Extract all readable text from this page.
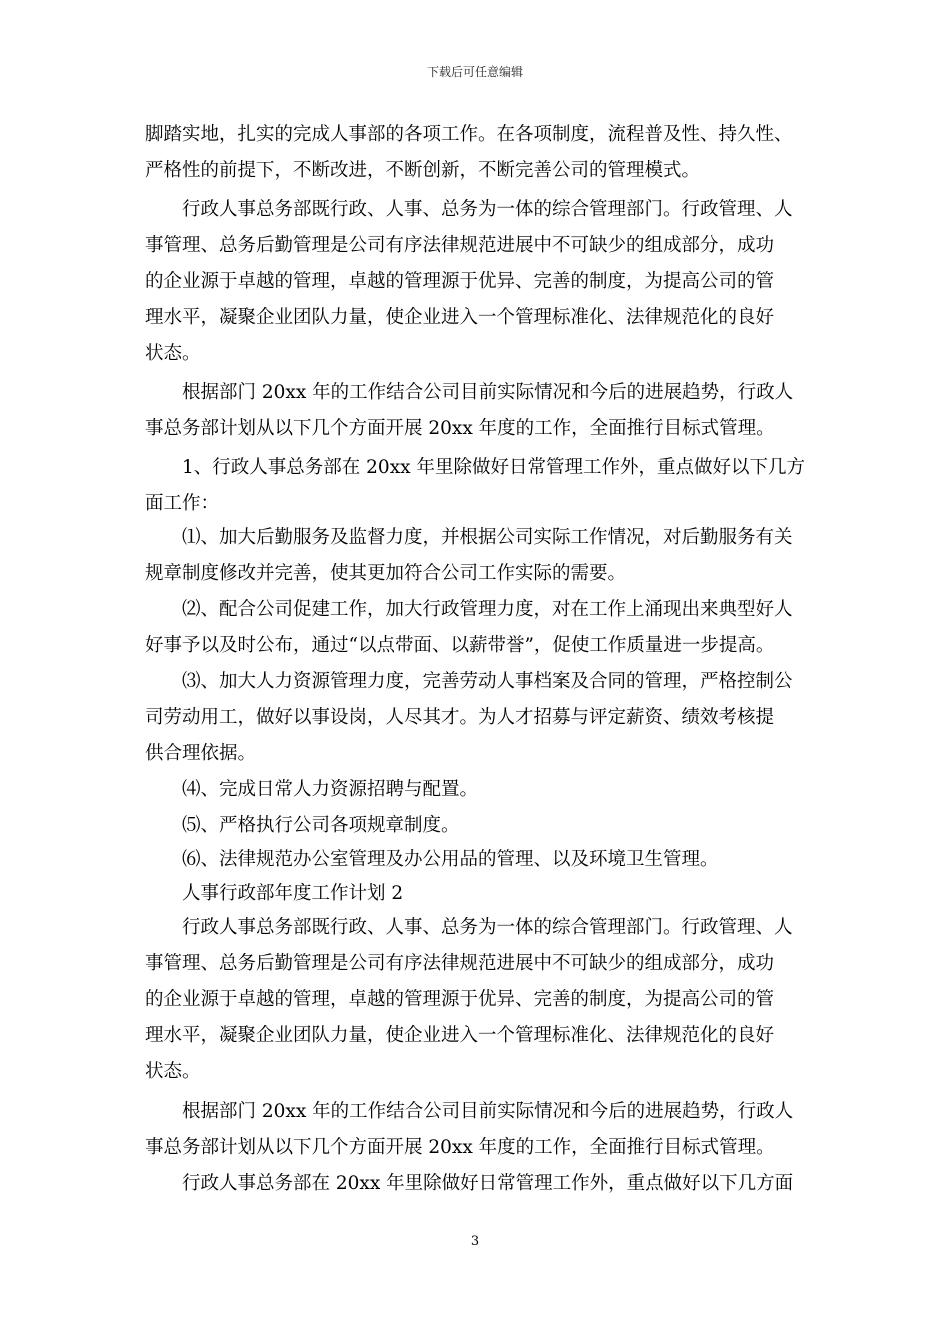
下载后可任意编辑
脚踏实地，扎实的完成人事部的各项工作。在各项制度，流程普及性、持久性、
严格性的前提下，不断改进，不断创新，不断完善公司的管理模式。
　　行政人事总务部既行政、人事、总务为一体的综合管理部门。行政管理、人
事管理、总务后勤管理是公司有序法律规范进展中不可缺少的组成部分，成功
的企业源于卓越的管理，卓越的管理源于优异、完善的制度，为提高公司的管
理水平，凝聚企业团队力量，使企业进入一个管理标准化、法律规范化的良好
状态。
　　根据部门 20xx 年的工作结合公司目前实际情况和今后的进展趋势，行政人
事总务部计划从以下几个方面开展 20xx 年度的工作，全面推行目标式管理。
　　1、行政人事总务部在 20xx 年里除做好日常管理工作外，重点做好以下几方
面工作：
　　⑴、加大后勤服务及监督力度，并根据公司实际工作情况，对后勤服务有关
规章制度修改并完善，使其更加符合公司工作实际的需要。
　　⑵、配合公司促建工作，加大行政管理力度，对在工作上涌现出来典型好人
好事予以及时公布，通过“以点带面、以薪带誉”，促使工作质量进一步提高。
　　⑶、加大人力资源管理力度，完善劳动人事档案及合同的管理，严格控制公
司劳动用工，做好以事设岗，人尽其才。为人才招募与评定薪资、绩效考核提
供合理依据。
　　⑷、完成日常人力资源招聘与配置。
　　⑸、严格执行公司各项规章制度。
　　⑹、法律规范办公室管理及办公用品的管理、以及环境卫生管理。
　　人事行政部年度工作计划 2
　　行政人事总务部既行政、人事、总务为一体的综合管理部门。行政管理、人
事管理、总务后勤管理是公司有序法律规范进展中不可缺少的组成部分，成功
的企业源于卓越的管理，卓越的管理源于优异、完善的制度，为提高公司的管
理水平，凝聚企业团队力量，使企业进入一个管理标准化、法律规范化的良好
状态。
　　根据部门 20xx 年的工作结合公司目前实际情况和今后的进展趋势，行政人
事总务部计划从以下几个方面开展 20xx 年度的工作，全面推行目标式管理。
　　行政人事总务部在 20xx 年里除做好日常管理工作外，重点做好以下几方面
3
